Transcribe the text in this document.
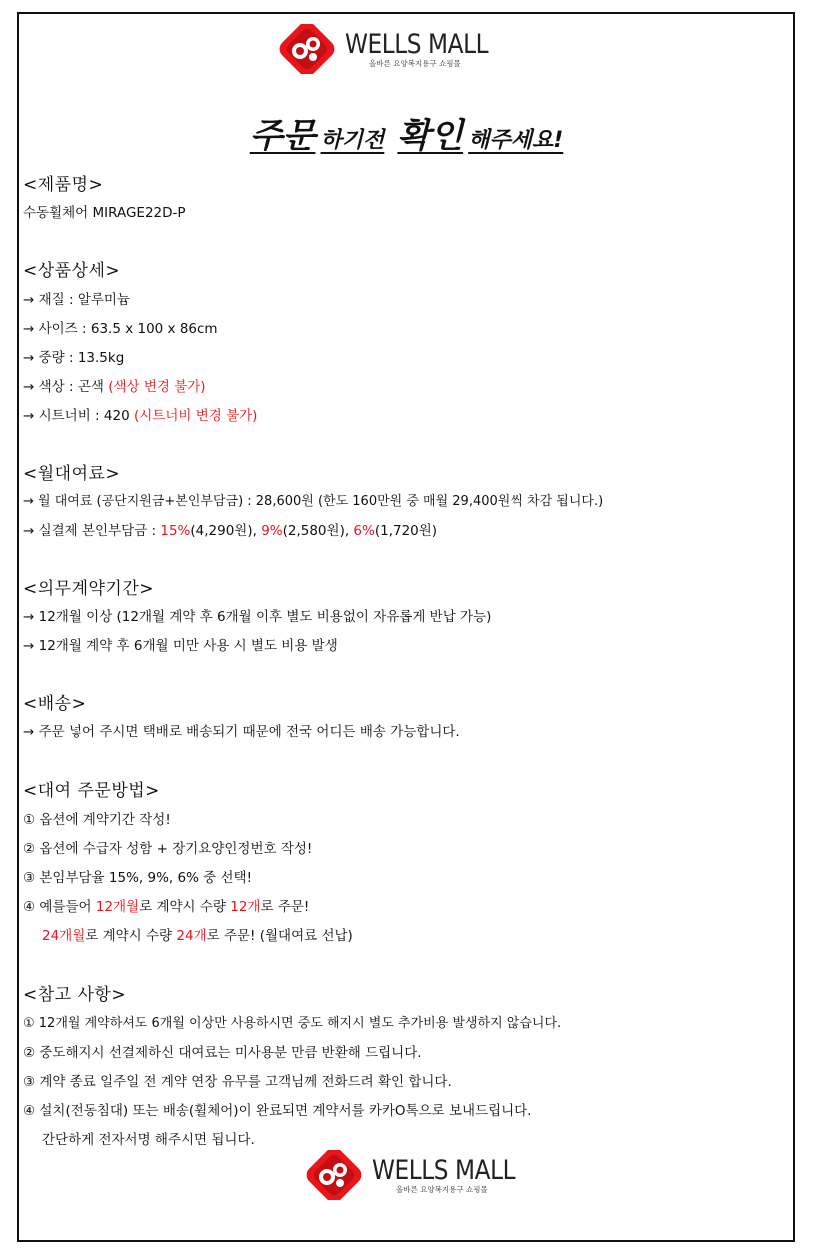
WELLS MALL
올바른 요양복지용구 쇼핑몰
주문 하기전 확인 해주세요!
<제품명>
수동휠체어 MIRAGE22D-P
<상품상세>
→ 재질 : 알루미늄
→ 사이즈 : 63.5 x 100 x 86cm
→ 중량 : 13.5kg
→ 색상 : 곤색 (색상 변경 불가)
→ 시트너비 : 420 (시트너비 변경 불가)
<월대여료>
→ 월 대여료 (공단지원금+본인부담금) : 28,600원 (한도 160만원 중 매월 29,400원씩 차감 됩니다.)
→ 실결제 본인부담금 : 15%(4,290원), 9%(2,580원), 6%(1,720원)
<의무계약기간>
→ 12개월 이상 (12개월 계약 후 6개월 이후 별도 비용없이 자유롭게 반납 가능)
→ 12개월 계약 후 6개월 미만 사용 시 별도 비용 발생
<배송>
→ 주문 넣어 주시면 택배로 배송되기 때문에 전국 어디든 배송 가능합니다.
<대여 주문방법>
① 옵션에 계약기간 작성!
② 옵션에 수급자 성함 + 장기요양인정번호 작성!
③ 본임부담율 15%, 9%, 6% 중 선택!
④ 예를들어 12개월로 계약시 수량 12개로 주문!
24개월로 계약시 수량 24개로 주문! (월대여료 선납)
<참고 사항>
① 12개월 계약하셔도 6개월 이상만 사용하시면 중도 해지시 별도 추가비용 발생하지 않습니다.
② 중도해지시 선결제하신 대여료는 미사용분 만큼 반환해 드립니다.
③ 계약 종료 일주일 전 계약 연장 유무를 고객님께 전화드려 확인 합니다.
④ 설치(전동침대) 또는 배송(휠체어)이 완료되면 계약서를 카카O톡으로 보내드립니다.
간단하게 전자서명 해주시면 됩니다.
WELLS MALL
올바른 요양복지용구 쇼핑몰
